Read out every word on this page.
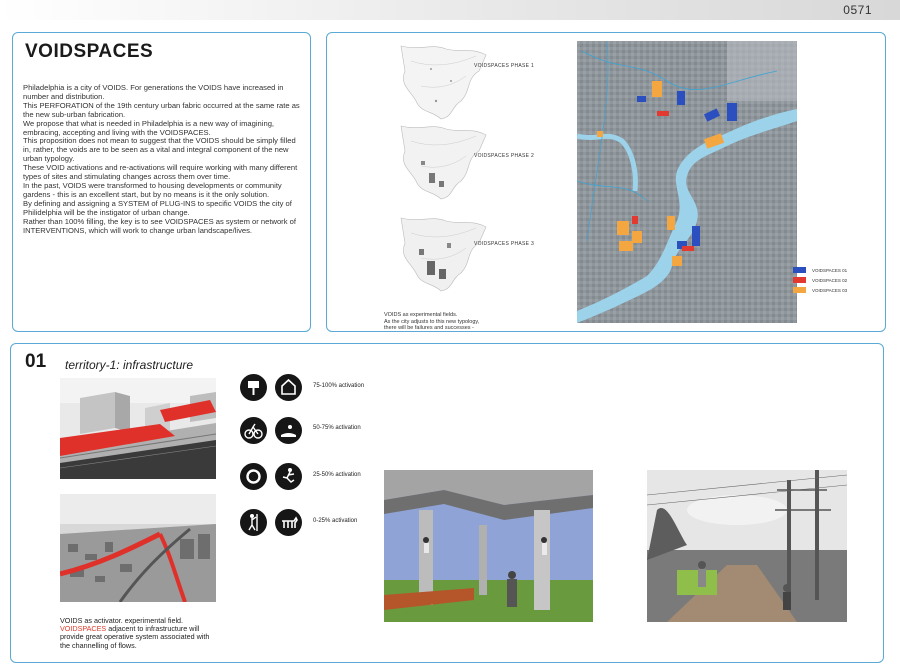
0571
VOIDSPACES

Philadelphia is a city of VOIDS. For generations the VOIDS have increased in number and distribution.

This PERFORATION of the 19th century urban fabric occurred at the same rate as the new sub-urban fabrication.

We propose that what is needed in Philadelphia is a new way of imagining, embracing, accepting and living with the VOIDSPACES.

This proposition does not mean to suggest that the VOIDS should be simply filled in, rather, the voids are to be seen as a vital and integral component of the new urban typology.

These VOID activations and re-activations will require working with many different types of sites and stimulating changes across them over time.

In the past, VOIDS were transformed to housing developments or community gardens - this is an excellent start, but by no means is it the only solution.

By defining and assigning a SYSTEM of PLUG-INS to specific VOIDS the city of Philidelphia will be the instigator of urban change.

Rather than 100% filling, the key is to see VOIDSPACES as system or network of INTERVENTIONS, which will work to change urban landscape/lives.

VOIDSPACES PHASE 1
VOIDSPACES PHASE 2
VOIDSPACES PHASE 3
VOIDSPACES 01
VOIDSPACES 02
VOIDSPACES 03
VOIDS as experimental fields.
As the city adjusts to this new typology,
there will be failures and successes -
01 territory-1: infrastructure
75-100% activation
50-75% activation
25-50% activation
0-25% activation
VOIDS as activator. experimental field.
VOIDSPACES adjacent to infrastructure will
provide great operative system associated with
the channelling of flows.
